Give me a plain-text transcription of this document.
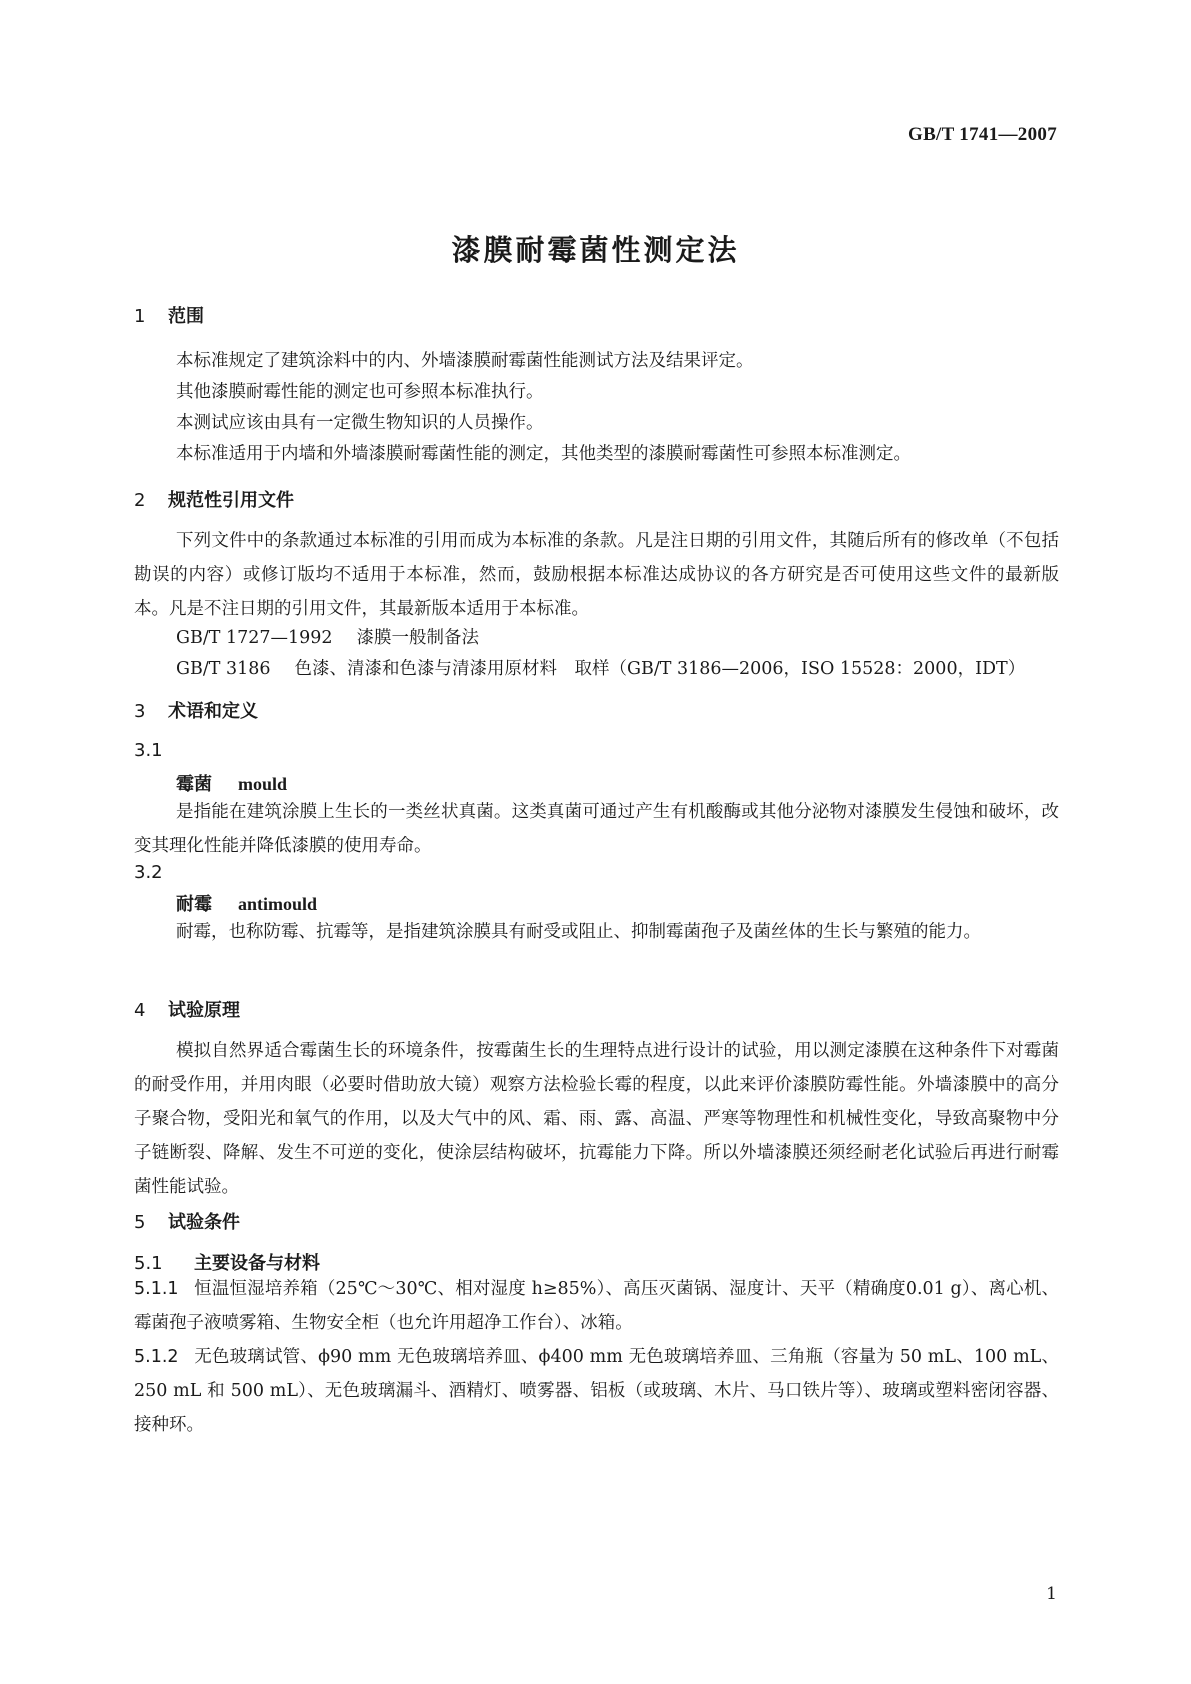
GB/T 1741—2007
漆膜耐霉菌性测定法
1 范围
本标准规定了建筑涂料中的内、外墙漆膜耐霉菌性能测试方法及结果评定。
其他漆膜耐霉性能的测定也可参照本标准执行。
本测试应该由具有一定微生物知识的人员操作。
本标准适用于内墙和外墙漆膜耐霉菌性能的测定，其他类型的漆膜耐霉菌性可参照本标准测定。
2 规范性引用文件
下列文件中的条款通过本标准的引用而成为本标准的条款。凡是注日期的引用文件，其随后所有的修改单（不包括勘误的内容）或修订版均不适用于本标准，然而，鼓励根据本标准达成协议的各方研究是否可使用这些文件的最新版本。凡是不注日期的引用文件，其最新版本适用于本标准。
GB/T 1727—1992 漆膜一般制备法
GB/T 3186 色漆、清漆和色漆与清漆用原材料　取样（GB/T 3186—2006，ISO 15528：2000，IDT）
3 术语和定义
3.1
霉菌 mould
是指能在建筑涂膜上生长的一类丝状真菌。这类真菌可通过产生有机酸酶或其他分泌物对漆膜发生侵蚀和破坏，改变其理化性能并降低漆膜的使用寿命。
3.2
耐霉 antimould
耐霉，也称防霉、抗霉等，是指建筑涂膜具有耐受或阻止、抑制霉菌孢子及菌丝体的生长与繁殖的能力。
4 试验原理
模拟自然界适合霉菌生长的环境条件，按霉菌生长的生理特点进行设计的试验，用以测定漆膜在这种条件下对霉菌的耐受作用，并用肉眼（必要时借助放大镜）观察方法检验长霉的程度，以此来评价漆膜防霉性能。外墙漆膜中的高分子聚合物，受阳光和氧气的作用，以及大气中的风、霜、雨、露、高温、严寒等物理性和机械性变化，导致高聚物中分子链断裂、降解、发生不可逆的变化，使涂层结构破坏，抗霉能力下降。所以外墙漆膜还须经耐老化试验后再进行耐霉菌性能试验。
5 试验条件
5.1 主要设备与材料
5.1.1 恒温恒湿培养箱（25℃～30℃、相对湿度 h≥85%）、高压灭菌锅、湿度计、天平（精确度0.01 g）、离心机、霉菌孢子液喷雾箱、生物安全柜（也允许用超净工作台）、冰箱。
5.1.2 无色玻璃试管、ϕ90 mm 无色玻璃培养皿、ϕ400 mm 无色玻璃培养皿、三角瓶（容量为 50 mL、100 mL、250 mL 和 500 mL）、无色玻璃漏斗、酒精灯、喷雾器、铝板（或玻璃、木片、马口铁片等）、玻璃或塑料密闭容器、接种环。
1
